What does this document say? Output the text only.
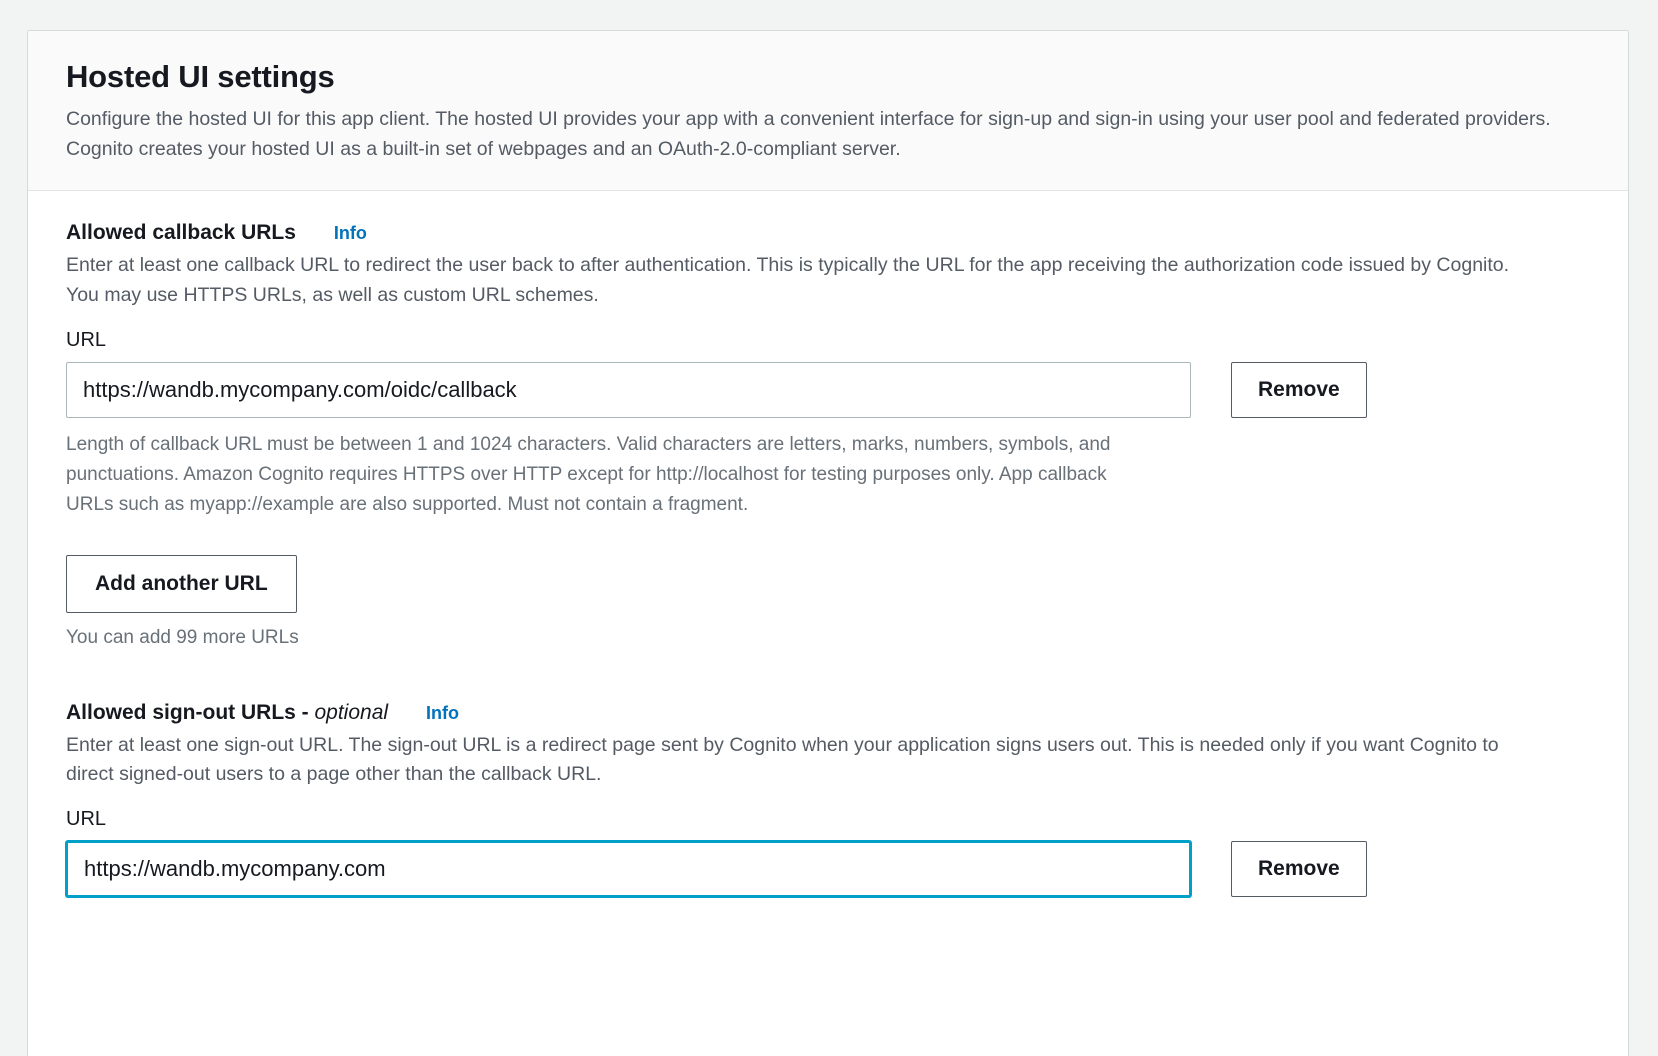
Hosted UI settings

Configure the hosted UI for this app client. The hosted UI provides your app with a convenient interface for sign-up and sign-in using your user pool and federated providers. Cognito creates your hosted UI as a built-in set of webpages and an OAuth-2.0-compliant server.

Allowed callback URLs Info

Enter at least one callback URL to redirect the user back to after authentication. This is typically the URL for the app receiving the authorization code issued by Cognito. You may use HTTPS URLs, as well as custom URL schemes.

URL
https://wandb.mycompany.com/oidc/callback
Remove

Length of callback URL must be between 1 and 1024 characters. Valid characters are letters, marks, numbers, symbols, and punctuations. Amazon Cognito requires HTTPS over HTTP except for http://localhost for testing purposes only. App callback URLs such as myapp://example are also supported. Must not contain a fragment.

Add another URL
You can add 99 more URLs
Allowed sign-out URLs - optional Info

Enter at least one sign-out URL. The sign-out URL is a redirect page sent by Cognito when your application signs users out. This is needed only if you want Cognito to direct signed-out users to a page other than the callback URL.

URL
https://wandb.mycompany.com
Remove
